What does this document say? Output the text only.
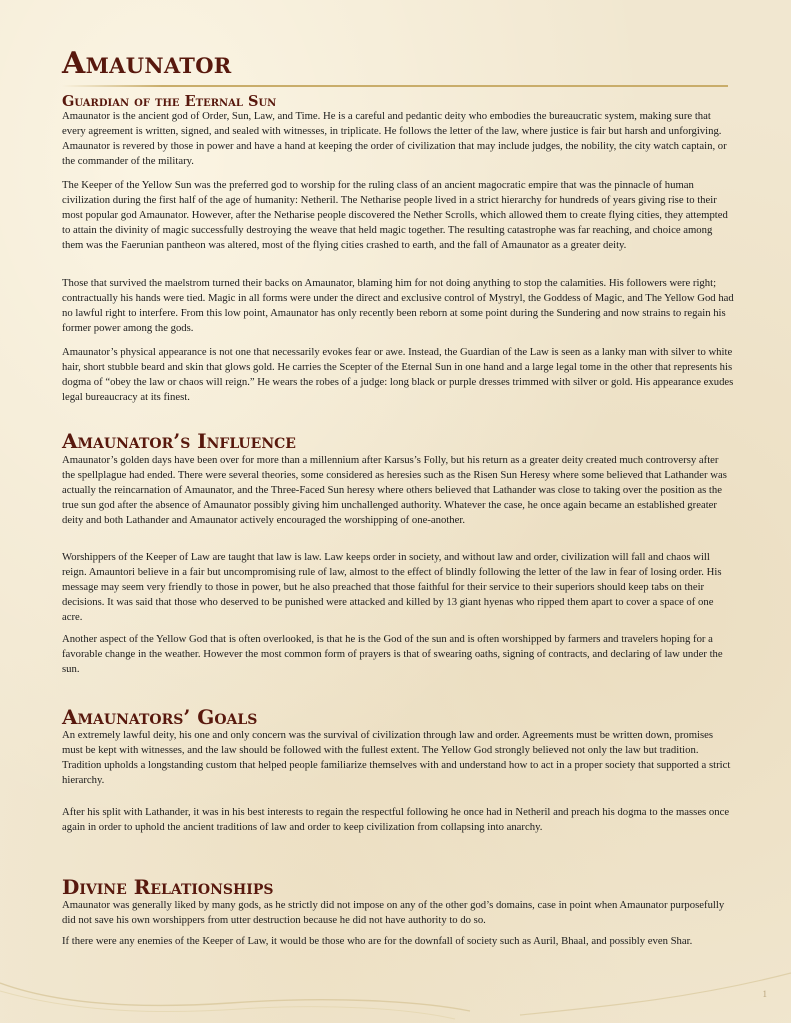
Amaunator
Guardian of the Eternal Sun

Amaunator is the ancient god of Order, Sun, Law, and Time. He is a careful and pedantic deity who embodies the bureaucratic system, making sure that every agreement is written, signed, and sealed with witnesses, in triplicate. He follows the letter of the law, where justice is fair but harsh and unforgiving. Amaunator is revered by those in power and have a hand at keeping the order of civilization that may include judges, the nobility, the city watch captain, or the commander of the military.

The Keeper of the Yellow Sun was the preferred god to worship for the ruling class of an ancient magocratic empire that was the pinnacle of human civilization during the first half of the age of humanity: Netheril. The Netharise people lived in a strict hierarchy for hundreds of years giving rise to their most popular god Amaunator. However, after the Netharise people discovered the Nether Scrolls, which allowed them to create flying cities, they attempted to attain the divinity of magic successfully destroying the weave that held magic together. The resulting catastrophe was far reaching, and choice among them was the Faerunian pantheon was altered, most of the flying cities crashed to earth, and the fall of Amaunator as a greater deity.

Those that survived the maelstrom turned their backs on Amaunator, blaming him for not doing anything to stop the calamities. His followers were right; contractually his hands were tied. Magic in all forms were under the direct and exclusive control of Mystryl, the Goddess of Magic, and The Yellow God had no lawful right to interfere. From this low point, Amaunator has only recently been reborn at some point during the Sundering and now strains to regain his former power among the gods.

Amaunator’s physical appearance is not one that necessarily evokes fear or awe. Instead, the Guardian of the Law is seen as a lanky man with silver to white hair, short stubble beard and skin that glows gold. He carries the Scepter of the Eternal Sun in one hand and a large legal tome in the other that represents his dogma of “obey the law or chaos will reign.” He wears the robes of a judge: long black or purple dresses trimmed with silver or gold. His appearance exudes legal bureaucracy at its finest.

Amaunator’s Influence

Amaunator’s golden days have been over for more than a millennium after Karsus’s Folly, but his return as a greater deity created much controversy after the spellplague had ended. There were several theories, some considered as heresies such as the Risen Sun Heresy where some believed that Lathander was actually the reincarnation of Amaunator, and the Three-Faced Sun heresy where others believed that Lathander was close to taking over the position as the true sun god after the absence of Amaunator possibly giving him unchallenged authority. Whatever the case, he once again became an established greater deity and both Lathander and Amaunator actively encouraged the worshipping of one-another.

Worshippers of the Keeper of Law are taught that law is law. Law keeps order in society, and without law and order, civilization will fall and chaos will reign. Amauntori believe in a fair but uncompromising rule of law, almost to the effect of blindly following the letter of the law in fear of losing order. His message may seem very friendly to those in power, but he also preached that those faithful for their service to their superiors should keep tabs on their decisions. It was said that those who deserved to be punished were attacked and killed by 13 giant hyenas who ripped them apart to cover a space of one acre.

Another aspect of the Yellow God that is often overlooked, is that he is the God of the sun and is often worshipped by farmers and travelers hoping for a favorable change in the weather. However the most common form of prayers is that of swearing oaths, signing of contracts, and declaring of law under the sun.

Amaunators’ Goals

An extremely lawful deity, his one and only concern was the survival of civilization through law and order. Agreements must be written down, promises must be kept with witnesses, and the law should be followed with the fullest extent. The Yellow God strongly believed not only the law but tradition. Tradition upholds a longstanding custom that helped people familiarize themselves with and understand how to act in a proper society that supported a strict hierarchy.

After his split with Lathander, it was in his best interests to regain the respectful following he once had in Netheril and preach his dogma to the masses once again in order to uphold the ancient traditions of law and order to keep civilization from collapsing into anarchy.

Divine Relationships

Amaunator was generally liked by many gods, as he strictly did not impose on any of the other god’s domains, case in point when Amaunator purposefully did not save his own worshippers from utter destruction because he did not have authority to do so.

If there were any enemies of the Keeper of Law, it would be those who are for the downfall of society such as Auril, Bhaal, and possibly even Shar.

1
